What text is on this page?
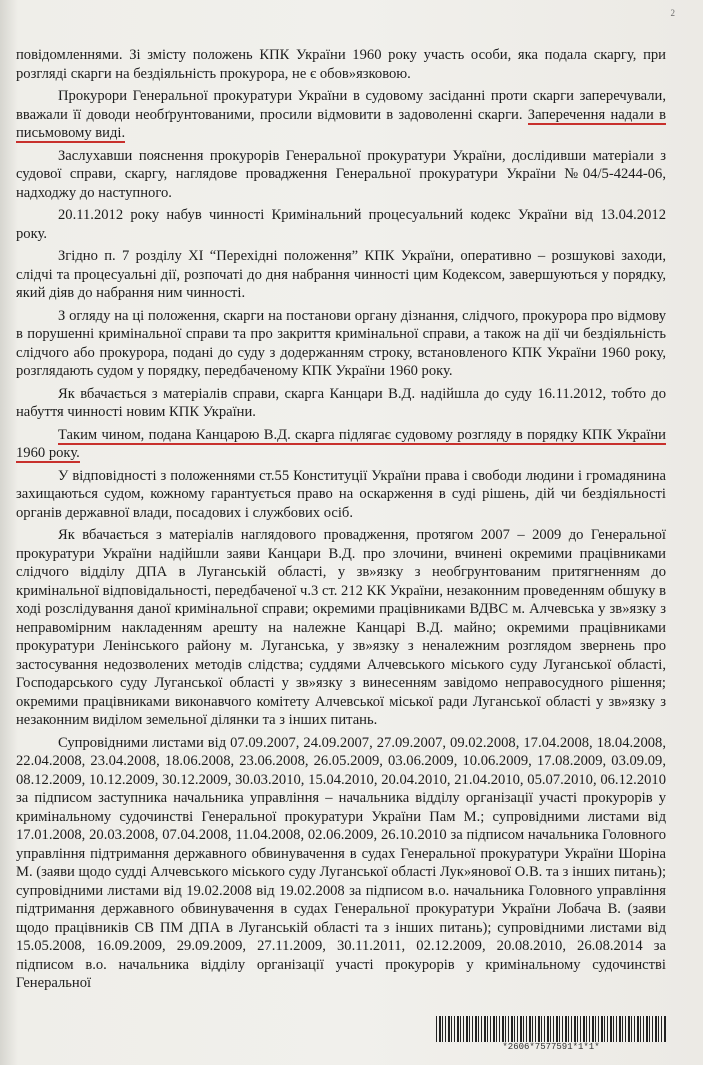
2

повідомленнями. Зі змісту положень КПК України 1960 року участь особи, яка подала скаргу, при розгляді скарги на бездіяльність прокурора, не є обов»язковою.

Прокурори Генеральної прокуратури України в судовому засіданні проти скарги заперечували, вважали її доводи необґрунтованими, просили відмовити в задоволенні скарги. Заперечення надали в письмовому виді.

Заслухавши пояснення прокурорів Генеральної прокуратури України, дослідивши матеріали з судової справи, скаргу, наглядове провадження Генеральної прокуратури України №04/5-4244-06, надходжу до наступного.

20.11.2012 року набув чинності Кримінальний процесуальний кодекс України від 13.04.2012 року.

Згідно п. 7 розділу XI “Перехідні положення” КПК України, оперативно – розшукові заходи, слідчі та процесуальні дії, розпочаті до дня набрання чинності цим Кодексом, завершуються у порядку, який діяв до набрання ним чинності.

З огляду на ці положення, скарги на постанови органу дізнання, слідчого, прокурора про відмову в порушенні кримінальної справи та про закриття кримінальної справи, а також на дії чи бездіяльність слідчого або прокурора, подані до суду з додержанням строку, встановленого КПК України 1960 року, розглядають судом у порядку, передбаченому КПК України 1960 року.

Як вбачається з матеріалів справи, скарга Канцари В.Д. надійшла до суду 16.11.2012, тобто до набуття чинності новим КПК України.

Таким чином, подана Канцарою В.Д. скарга підлягає судовому розгляду в порядку КПК України 1960 року.

У відповідності з положеннями ст.55 Конституції України права і свободи людини і громадянина захищаються судом, кожному гарантується право на оскарження в суді рішень, дій чи бездіяльності органів державної влади, посадових і службових осіб.

Як вбачається з матеріалів наглядового провадження, протягом 2007 – 2009 до Генеральної прокуратури України надійшли заяви Канцари В.Д. про злочини, вчинені окремими працівниками слідчого відділу ДПА в Луганській області, у зв»язку з необгрунтованим притягненням до кримінальної відповідальності, передбаченої ч.3 ст. 212 КК України, незаконним проведенням обшуку в ході розслідування даної кримінальної справи; окремими працівниками ВДВС м. Алчевська у зв»язку з неправомірним накладенням арешту на належне Канцарі В.Д. майно; окремими працівниками прокуратури Ленінського району м. Луганська, у зв»язку з неналежним розглядом звернень про застосування недозволених методів слідства; суддями Алчевського міського суду Луганської області, Господарського суду Луганської області у зв»язку з винесенням завідомо неправосудного рішення; окремими працівниками виконавчого комітету Алчевської міської ради Луганської області у зв»язку з незаконним виділом земельної ділянки та з інших питань.

Супровідними листами від 07.09.2007, 24.09.2007, 27.09.2007, 09.02.2008, 17.04.2008, 18.04.2008, 22.04.2008, 23.04.2008, 18.06.2008, 23.06.2008, 26.05.2009, 03.06.2009, 10.06.2009, 17.08.2009, 03.09.09, 08.12.2009, 10.12.2009, 30.12.2009, 30.03.2010, 15.04.2010, 20.04.2010, 21.04.2010, 05.07.2010, 06.12.2010 за підписом заступника начальника управління – начальника відділу організації участі прокурорів у кримінальному судочинстві Генеральної прокуратури України Пам М.; супровідними листами від 17.01.2008, 20.03.2008, 07.04.2008, 11.04.2008, 02.06.2009, 26.10.2010 за підписом начальника Головного управління підтримання державного обвинувачення в судах Генеральної прокуратури України Шоріна М. (заяви щодо судді Алчевського міського суду Луганської області Лук»янової О.В. та з інших питань); супровідними листами від 19.02.2008 від 19.02.2008 за підписом в.о. начальника Головного управління підтримання державного обвинувачення в судах Генеральної прокуратури України Лобача В. (заяви щодо працівників СВ ПМ ДПА в Луганській області та з інших питань); супровідними листами від 15.05.2008, 16.09.2009, 29.09.2009, 27.11.2009, 30.11.2011, 02.12.2009, 20.08.2010, 26.08.2014 за підписом в.о. начальника відділу організації участі прокурорів у кримінальному судочинстві Генеральної

*2606*7577591*1*1*
